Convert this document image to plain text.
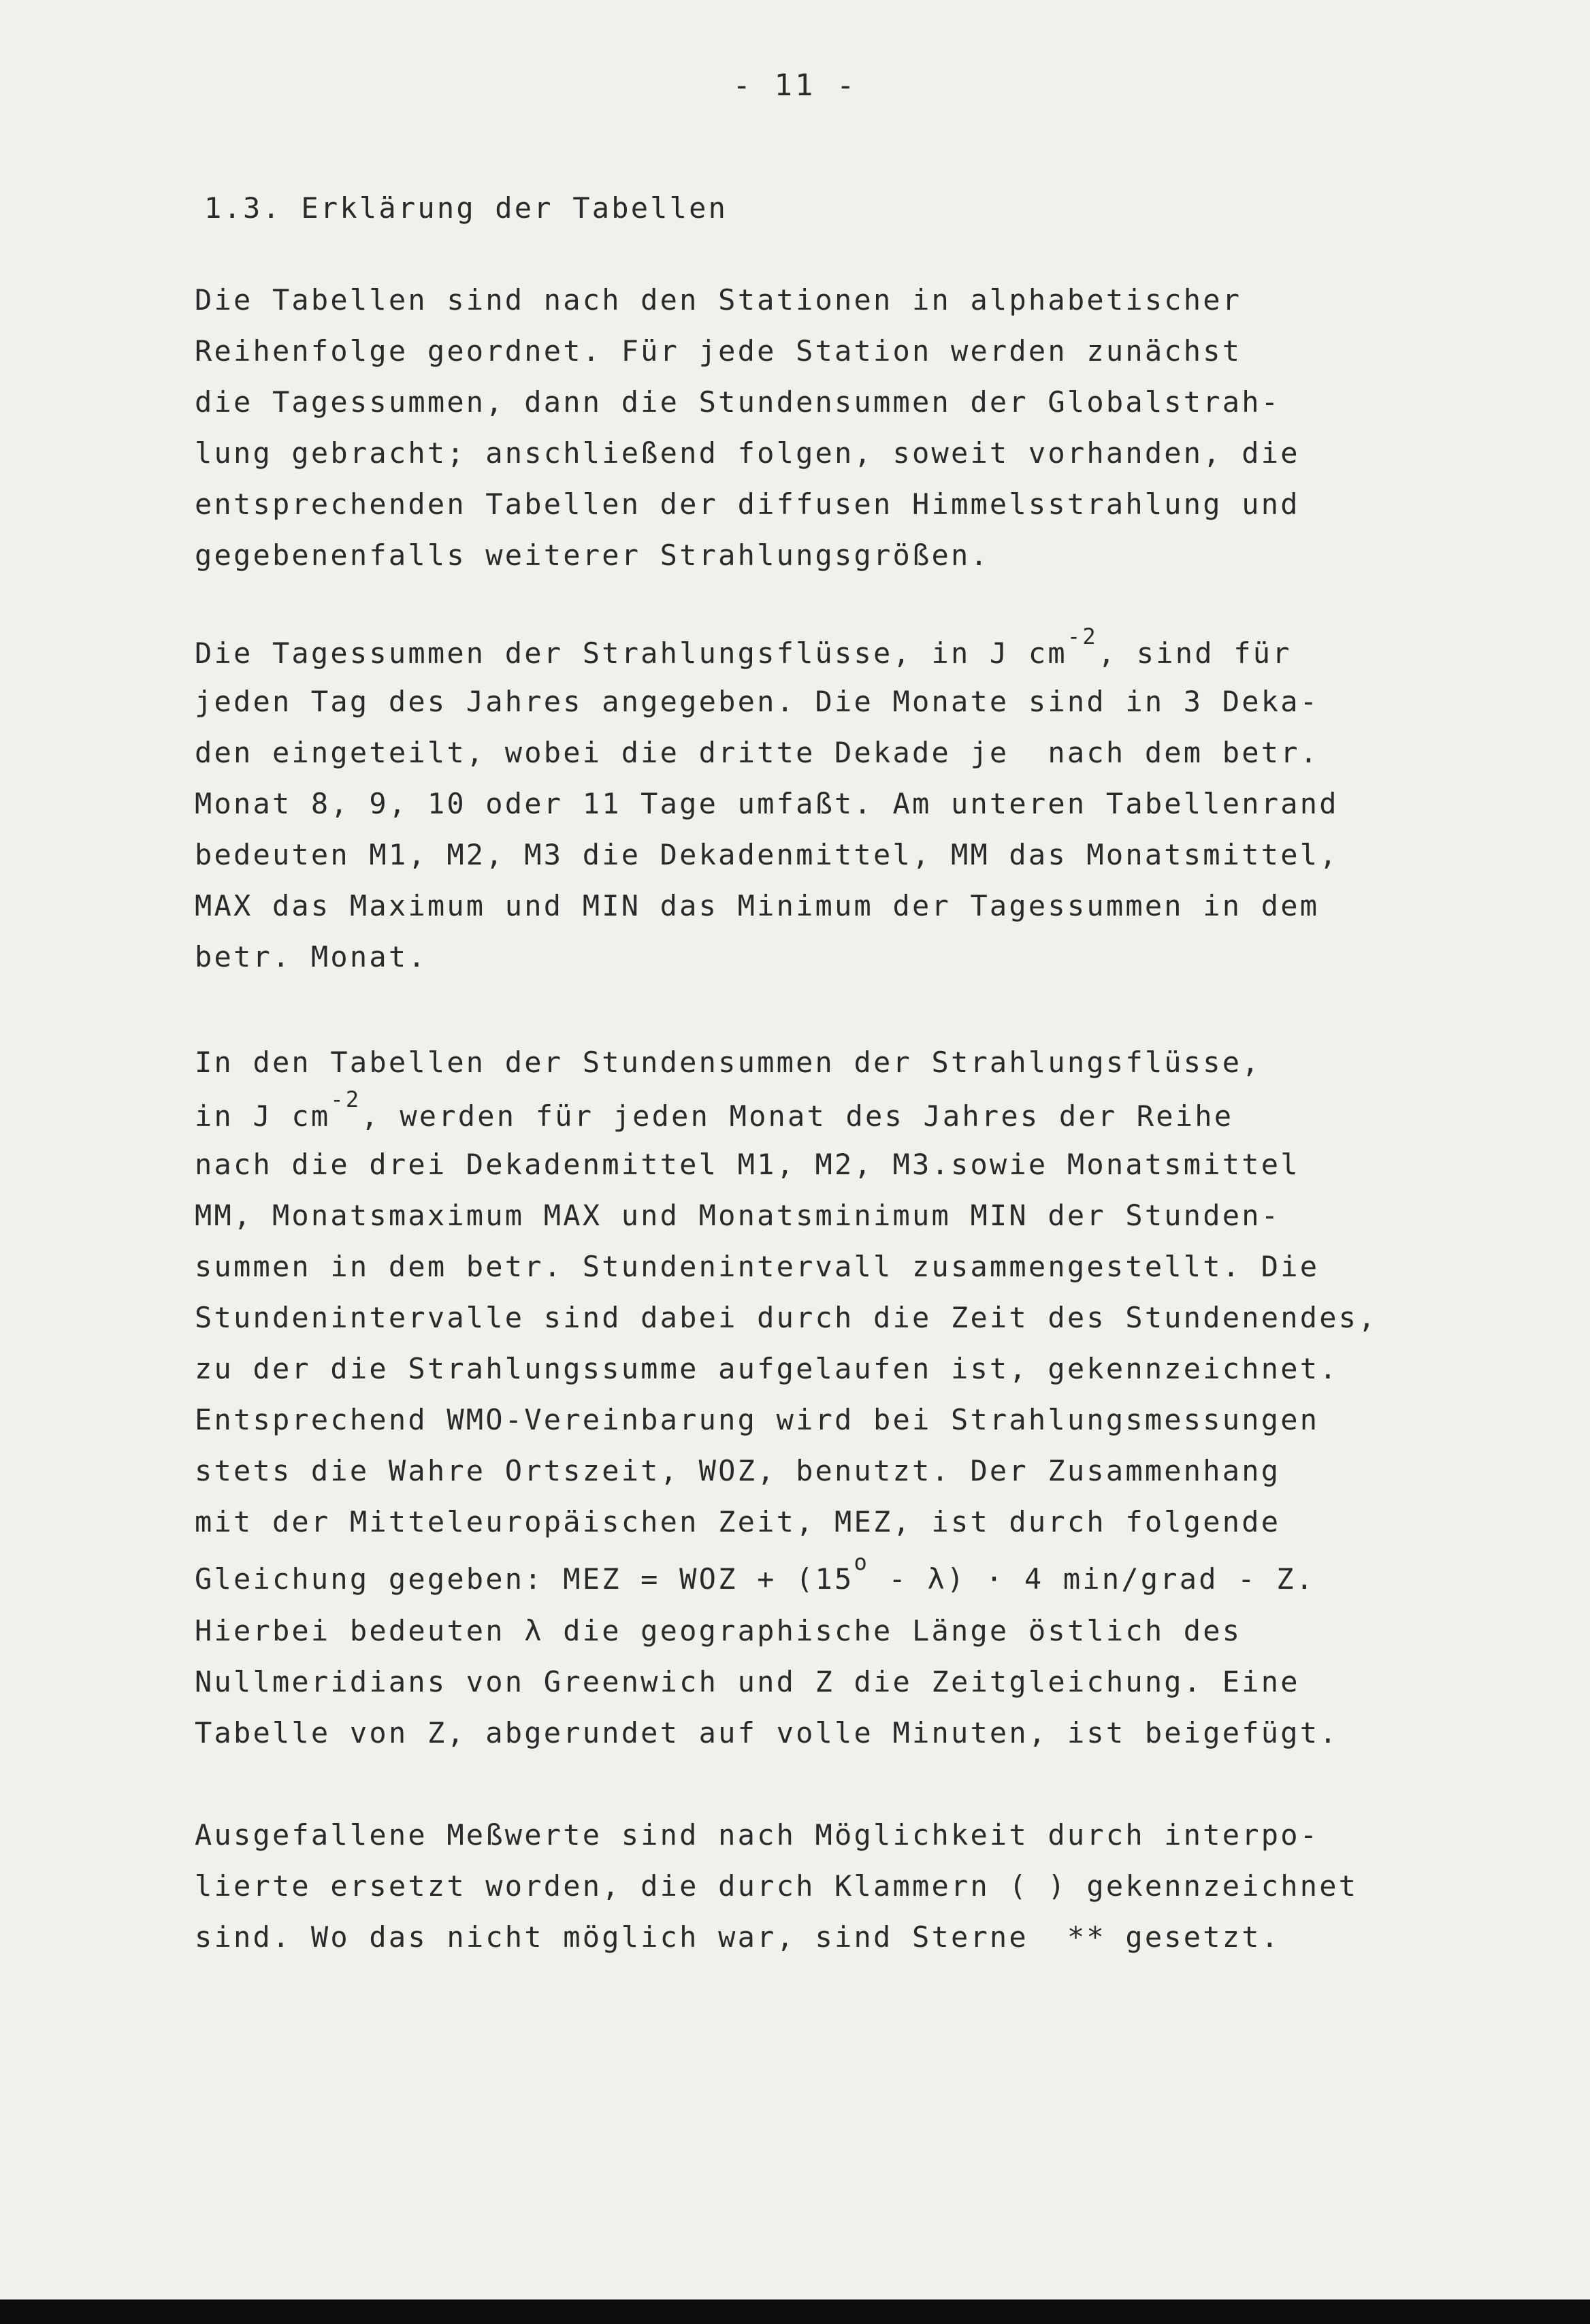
- 11 -
1.3. Erklärung der Tabellen
Die Tabellen sind nach den Stationen in alphabetischer
Reihenfolge geordnet. Für jede Station werden zunächst
die Tagessummen, dann die Stundensummen der Globalstrah-
lung gebracht; anschließend folgen, soweit vorhanden, die
entsprechenden Tabellen der diffusen Himmelsstrahlung und
gegebenenfalls weiterer Strahlungsgrößen.
Die Tagessummen der Strahlungsflüsse, in J $cm^{-2}$, sind für
jeden Tag des Jahres angegeben. Die Monate sind in 3 Deka-
den eingeteilt, wobei die dritte Dekade je  nach dem betr.
Monat 8, 9, 10 oder 11 Tage umfaßt. Am unteren Tabellenrand
bedeuten M1, M2, M3 die Dekadenmittel, MM das Monatsmittel,
MAX das Maximum und MIN das Minimum der Tagessummen in dem
betr. Monat.
In den Tabellen der Stundensummen der Strahlungsflüsse,
in J $cm^{-2}$, werden für jeden Monat des Jahres der Reihe
nach die drei Dekadenmittel M1, M2, M3.sowie Monatsmittel
MM, Monatsmaximum MAX und Monatsminimum MIN der Stunden-
summen in dem betr. Stundenintervall zusammengestellt. Die
Stundenintervalle sind dabei durch die Zeit des Stundenendes,
zu der die Strahlungssumme aufgelaufen ist, gekennzeichnet.
Entsprechend WMO-Vereinbarung wird bei Strahlungsmessungen
stets die Wahre Ortszeit, WOZ, benutzt. Der Zusammenhang
mit der Mitteleuropäischen Zeit, MEZ, ist durch folgende
Gleichung gegeben: MEZ = WOZ + $(15^o - \lambda) \cdot 4$ min/grad - Z.
Hierbei bedeuten λ die geographische Länge östlich des
Nullmeridians von Greenwich und Z die Zeitgleichung. Eine
Tabelle von Z, abgerundet auf volle Minuten, ist beigefügt.
Ausgefallene Meßwerte sind nach Möglichkeit durch interpo-
lierte ersetzt worden, die durch Klammern ( ) gekennzeichnet
sind. Wo das nicht möglich war, sind Sterne  ** gesetzt.
